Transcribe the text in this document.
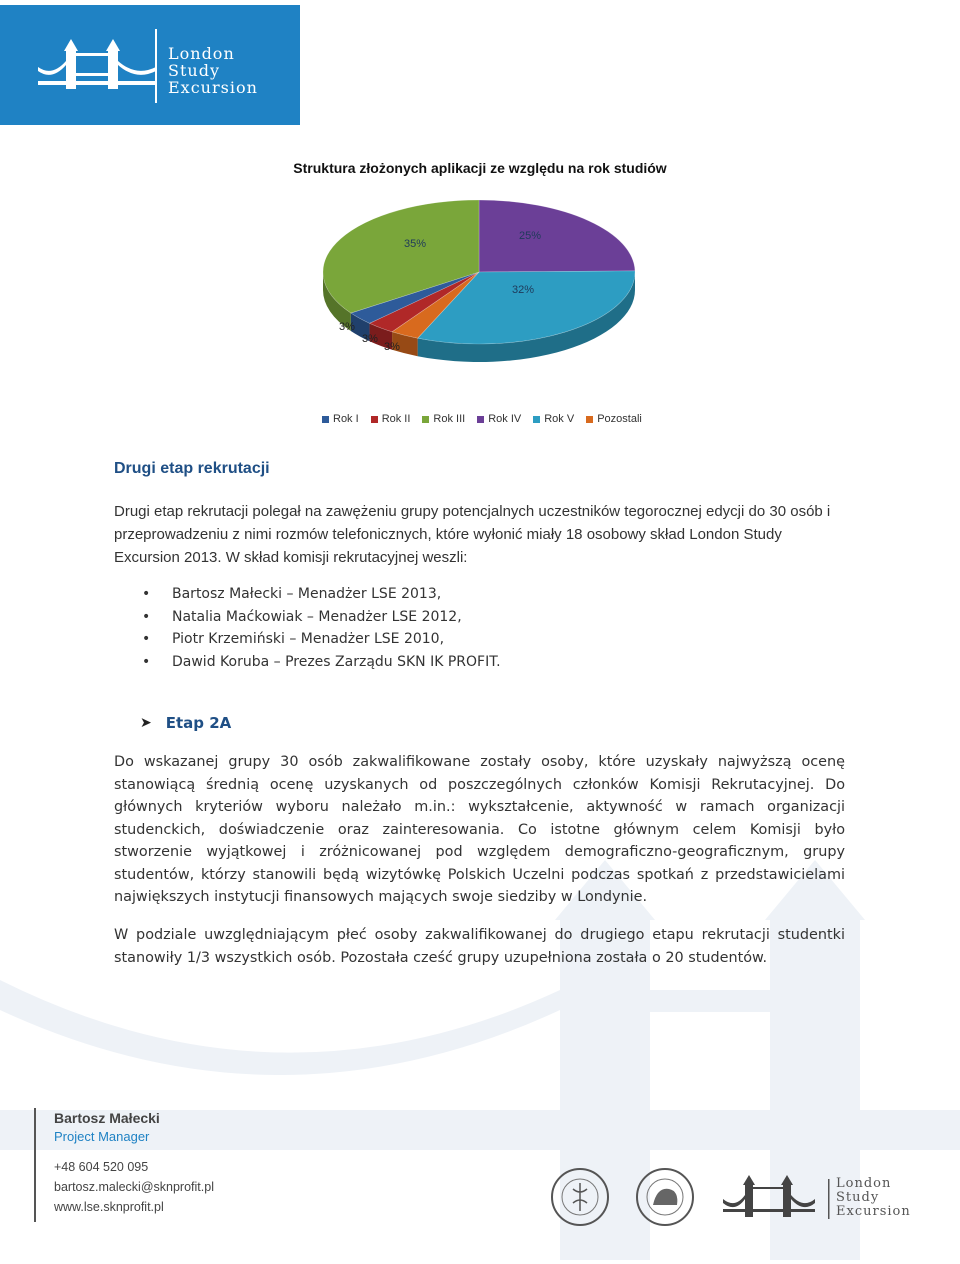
London
Study
Excursion
Struktura złożonych aplikacji ze względu na rok studiów
25%
32%
3%
3%
3%
35%
Rok I Rok II Rok III Rok IV Rok V Pozostali
Drugi etap rekrutacji

Drugi etap rekrutacji polegał na zawężeniu grupy potencjalnych uczestników tegorocznej edycji do 30 osób i przeprowadzeniu z nimi rozmów telefonicznych, które wyłonić miały 18 osobowy skład London Study Excursion 2013. W skład komisji rekrutacyjnej weszli:

• Bartosz Małecki – Menadżer LSE 2013,
• Natalia Maćkowiak – Menadżer LSE 2012,
• Piotr Krzemiński – Menadżer LSE 2010,
• Dawid Koruba – Prezes Zarządu SKN IK PROFIT.
➤ Etap 2A

Do wskazanej grupy 30 osób zakwalifikowane zostały osoby, które uzyskały najwyższą ocenę stanowiącą średnią ocenę uzyskanych od poszczególnych członków Komisji Rekrutacyjnej. Do głównych kryteriów wyboru należało m.in.: wykształcenie, aktywność w ramach organizacji studenckich, doświadczenie oraz zainteresowania. Co istotne głównym celem Komisji było stworzenie wyjątkowej i zróżnicowanej pod względem demograficzno-geograficznym, grupy studentów, którzy stanowili będą wizytówkę Polskich Uczelni podczas spotkań z przedstawicielami największych instytucji finansowych mających swoje siedziby w Londynie.

W podziale uwzględniającym płeć osoby zakwalifikowanej do drugiego etapu rekrutacji studentki stanowiły 1/3 wszystkich osób. Pozostała cześć grupy uzupełniona została o 20 studentów.

Bartosz Małecki
Project Manager
+48 604 520 095
bartosz.malecki@sknprofit.pl
www.lse.sknprofit.pl
London
Study
Excursion
